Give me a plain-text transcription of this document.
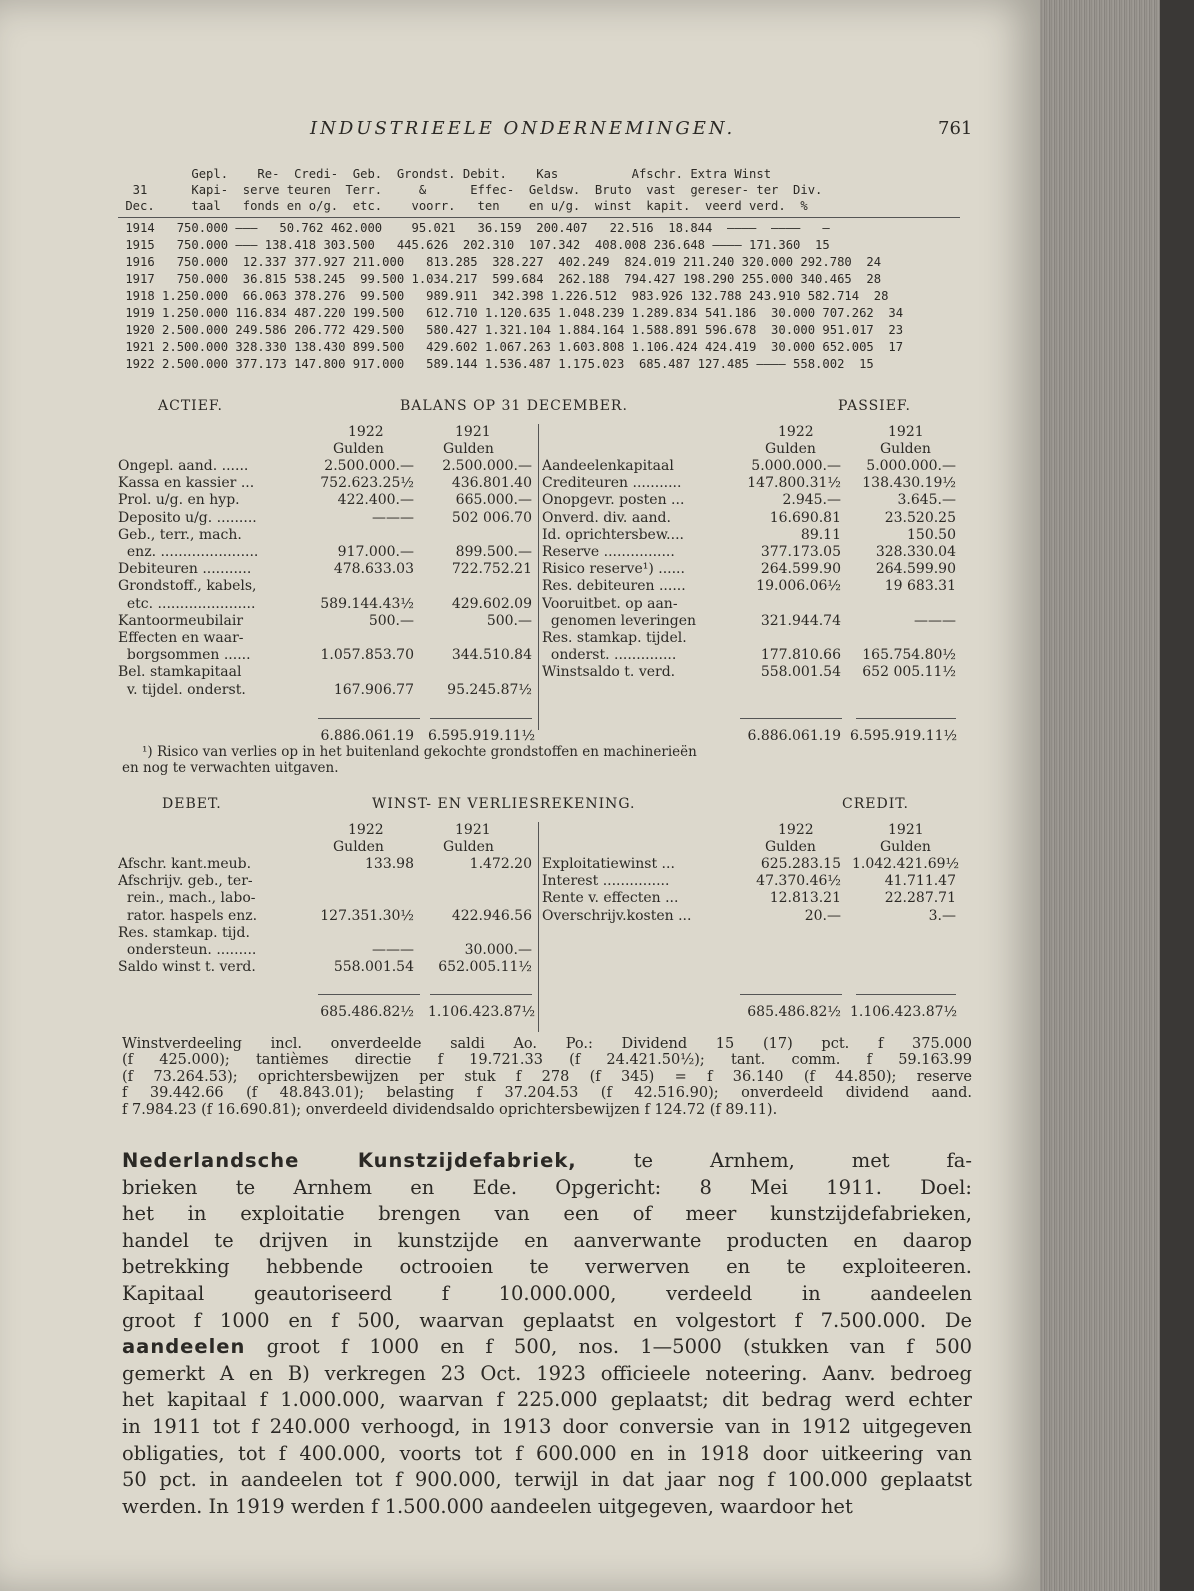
INDUSTRIEELE ONDERNEMINGEN.	761
Gepl.    Re-  Credi-  Geb.  Grondst. Debit.    Kas          Afschr. Extra Winst
31      Kapi-  serve teuren  Terr.     &      Effec-  Geldsw.  Bruto  vast  gereser- ter  Div.
Dec.     taal   fonds en o/g.  etc.    voorr.   ten    en u/g.  winst  kapit.  veerd verd.  %
1914   750.000 ———   50.762 462.000    95.021   36.159  200.407   22.516  18.844  ————  ————   —
1915   750.000 ——— 138.418 303.500   445.626  202.310  107.342  408.008 236.648 ———— 171.360  15
1916   750.000  12.337 377.927 211.000   813.285  328.227  402.249  824.019 211.240 320.000 292.780  24
1917   750.000  36.815 538.245  99.500 1.034.217  599.684  262.188  794.427 198.290 255.000 340.465  28
1918 1.250.000  66.063 378.276  99.500   989.911  342.398 1.226.512  983.926 132.788 243.910 582.714  28
1919 1.250.000 116.834 487.220 199.500   612.710 1.120.635 1.048.239 1.289.834 541.186  30.000 707.262  34
1920 2.500.000 249.586 206.772 429.500   580.427 1.321.104 1.884.164 1.588.891 596.678  30.000 951.017  23
1921 2.500.000 328.330 138.430 899.500   429.602 1.067.263 1.603.808 1.106.424 424.419  30.000 652.005  17
1922 2.500.000 377.173 147.800 917.000   589.144 1.536.487 1.175.023  685.487 127.485 ———— 558.002  15
ACTIEF.	BALANS OP 31 DECEMBER.	PASSIEF.
1922	1921
Gulden	Gulden
1922	1921
Gulden	Gulden
Ongepl. aand. ......	2.500.000.—	2.500.000.—
Kassa en kassier ...	752.623.25½	436.801.40
Prol. u/g. en hyp.	422.400.—	665.000.—
Deposito u/g. .........	———	502 006.70
Geb., terr., mach.
enz. ......................	917.000.—	899.500.—
Debiteuren ...........	478.633.03	722.752.21
Grondstoff., kabels,
etc. ......................	589.144.43½	429.602.09
Kantoormeubilair	500.—	500.—
Effecten en waar-
borgsommen ......	1.057.853.70	344.510.84
Bel. stamkapitaal
v. tijdel. onderst.	167.906.77	95.245.87½
Aandeelenkapitaal	5.000.000.—	5.000.000.—
Crediteuren ...........	147.800.31½	138.430.19½
Onopgevr. posten ...	2.945.—	3.645.—
Onverd. div. aand.	16.690.81	23.520.25
Id. oprichtersbew....	89.11	150.50
Reserve ................	377.173.05	328.330.04
Risico reserve¹) ......	264.599.90	264.599.90
Res. debiteuren ......	19.006.06½	19 683.31
Vooruitbet. op aan-
genomen leveringen	321.944.74	———
Res. stamkap. tijdel.
onderst. ..............	177.810.66	165.754.80½
Winstsaldo t. verd.	558.001.54	652 005.11½
6.886.061.19 6.595.919.11½	6.886.061.19 6.595.919.11½
¹) Risico van verlies op in het buitenland gekochte grondstoffen en machinerieën
en nog te verwachten uitgaven.
DEBET.	WINST- EN VERLIESREKENING.	CREDIT.
1922	1921
Gulden	Gulden
1922	1921
Gulden	Gulden
Afschr. kant.meub.	133.98	1.472.20
Afschrijv. geb., ter-
rein., mach., labo-
rator. haspels enz.	127.351.30½	422.946.56
Res. stamkap. tijd.
ondersteun. .........	———	30.000.—
Saldo winst t. verd.	558.001.54	652.005.11½
Exploitatiewinst ...	625.283.15 1.042.421.69½
Interest ...............	47.370.46½	41.711.47
Rente v. effecten ...	12.813.21	22.287.71
Overschrijv.kosten ...	20.—	3.—
685.486.82½ 1.106.423.87½	685.486.82½ 1.106.423.87½
Winstverdeeling incl. onverdeelde saldi Ao. Po.: Dividend 15 (17) pct. f 375.000
(f 425.000); tantièmes directie f 19.721.33 (f 24.421.50½); tant. comm. f 59.163.99
(f 73.264.53); oprichtersbewijzen per stuk f 278 (f 345) = f 36.140 (f 44.850); reserve
f 39.442.66 (f 48.843.01); belasting f 37.204.53 (f 42.516.90); onverdeeld dividend aand.
f 7.984.23 (f 16.690.81); onverdeeld dividendsaldo oprichtersbewijzen f 124.72 (f 89.11).
Nederlandsche Kunstzijdefabriek,	te Arnhem, met fa-
brieken te Arnhem en Ede. Opgericht: 8 Mei 1911. Doel:
het in exploitatie brengen van een of meer kunstzijdefabrieken,
handel te drijven in kunstzijde en aanverwante producten en daarop
betrekking hebbende octrooien te verwerven en te exploiteeren.
Kapitaal geautoriseerd f 10.000.000, verdeeld in aandeelen
groot f 1000 en f 500, waarvan geplaatst en volgestort f 7.500.000. De
aandeelen groot f 1000 en f 500, nos. 1—5000 (stukken van f 500
gemerkt A en B) verkregen 23 Oct. 1923 officieele noteering. Aanv. bedroeg
het kapitaal f 1.000.000, waarvan f 225.000 geplaatst; dit bedrag werd echter
in 1911 tot f 240.000 verhoogd, in 1913 door conversie van in 1912 uitgegeven
obligaties, tot f 400.000, voorts tot f 600.000 en in 1918 door uitkeering van
50 pct. in aandeelen tot f 900.000, terwijl in dat jaar nog f 100.000 geplaatst
werden. In 1919 werden f 1.500.000 aandeelen uitgegeven, waardoor het
